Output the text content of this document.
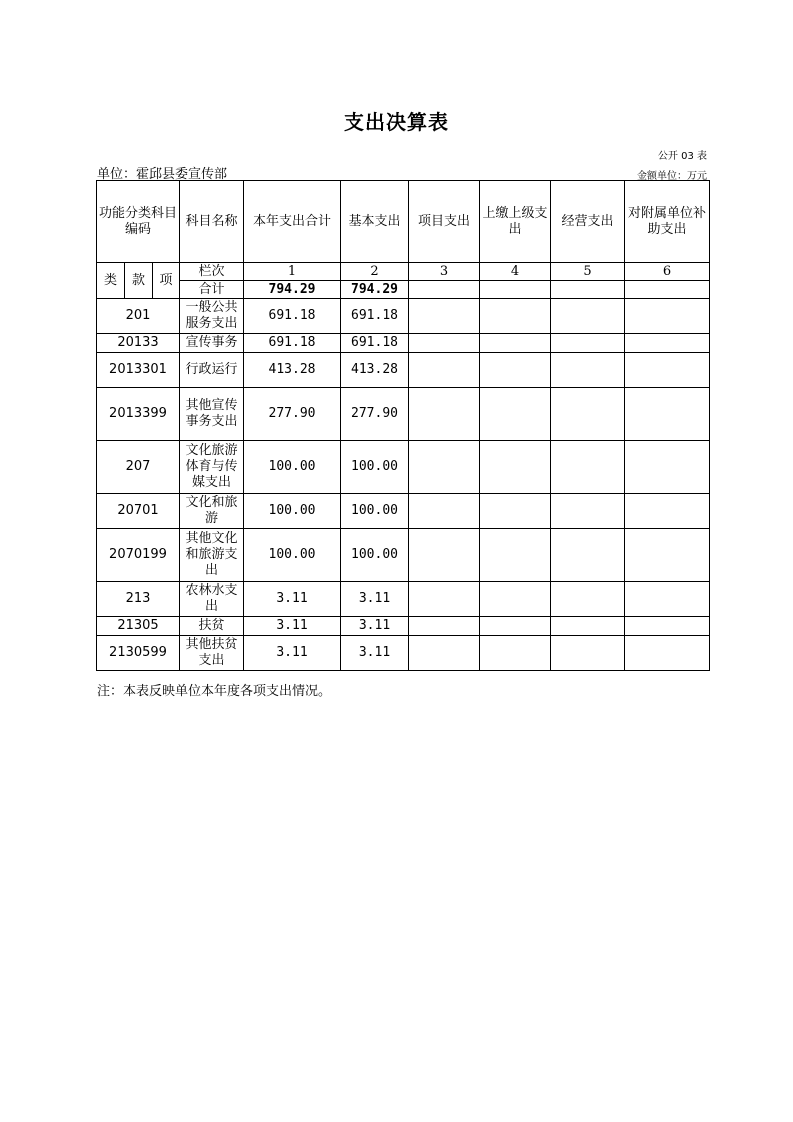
支出决算表
公开 03 表
单位：霍邱县委宣传部	金额单位：万元
功能分类科目编码			科目名称	本年支出合计	基本支出	项目支出	上缴上级支出	经营支出	对附属单位补助支出
类	款	项	栏次	1	2	3	4	5	6
			合计	794.29	794.29				
201			一般公共服务支出	691.18	691.18				
20133			宣传事务	691.18	691.18				
2013301			行政运行	413.28	413.28				
2013399			其他宣传事务支出	277.90	277.90				
207			文化旅游体育与传媒支出	100.00	100.00				
20701			文化和旅游	100.00	100.00				
2070199			其他文化和旅游支出	100.00	100.00				
213			农林水支出	3.11	3.11				
21305			扶贫	3.11	3.11				
2130599			其他扶贫支出	3.11	3.11				
注：本表反映单位本年度各项支出情况。
